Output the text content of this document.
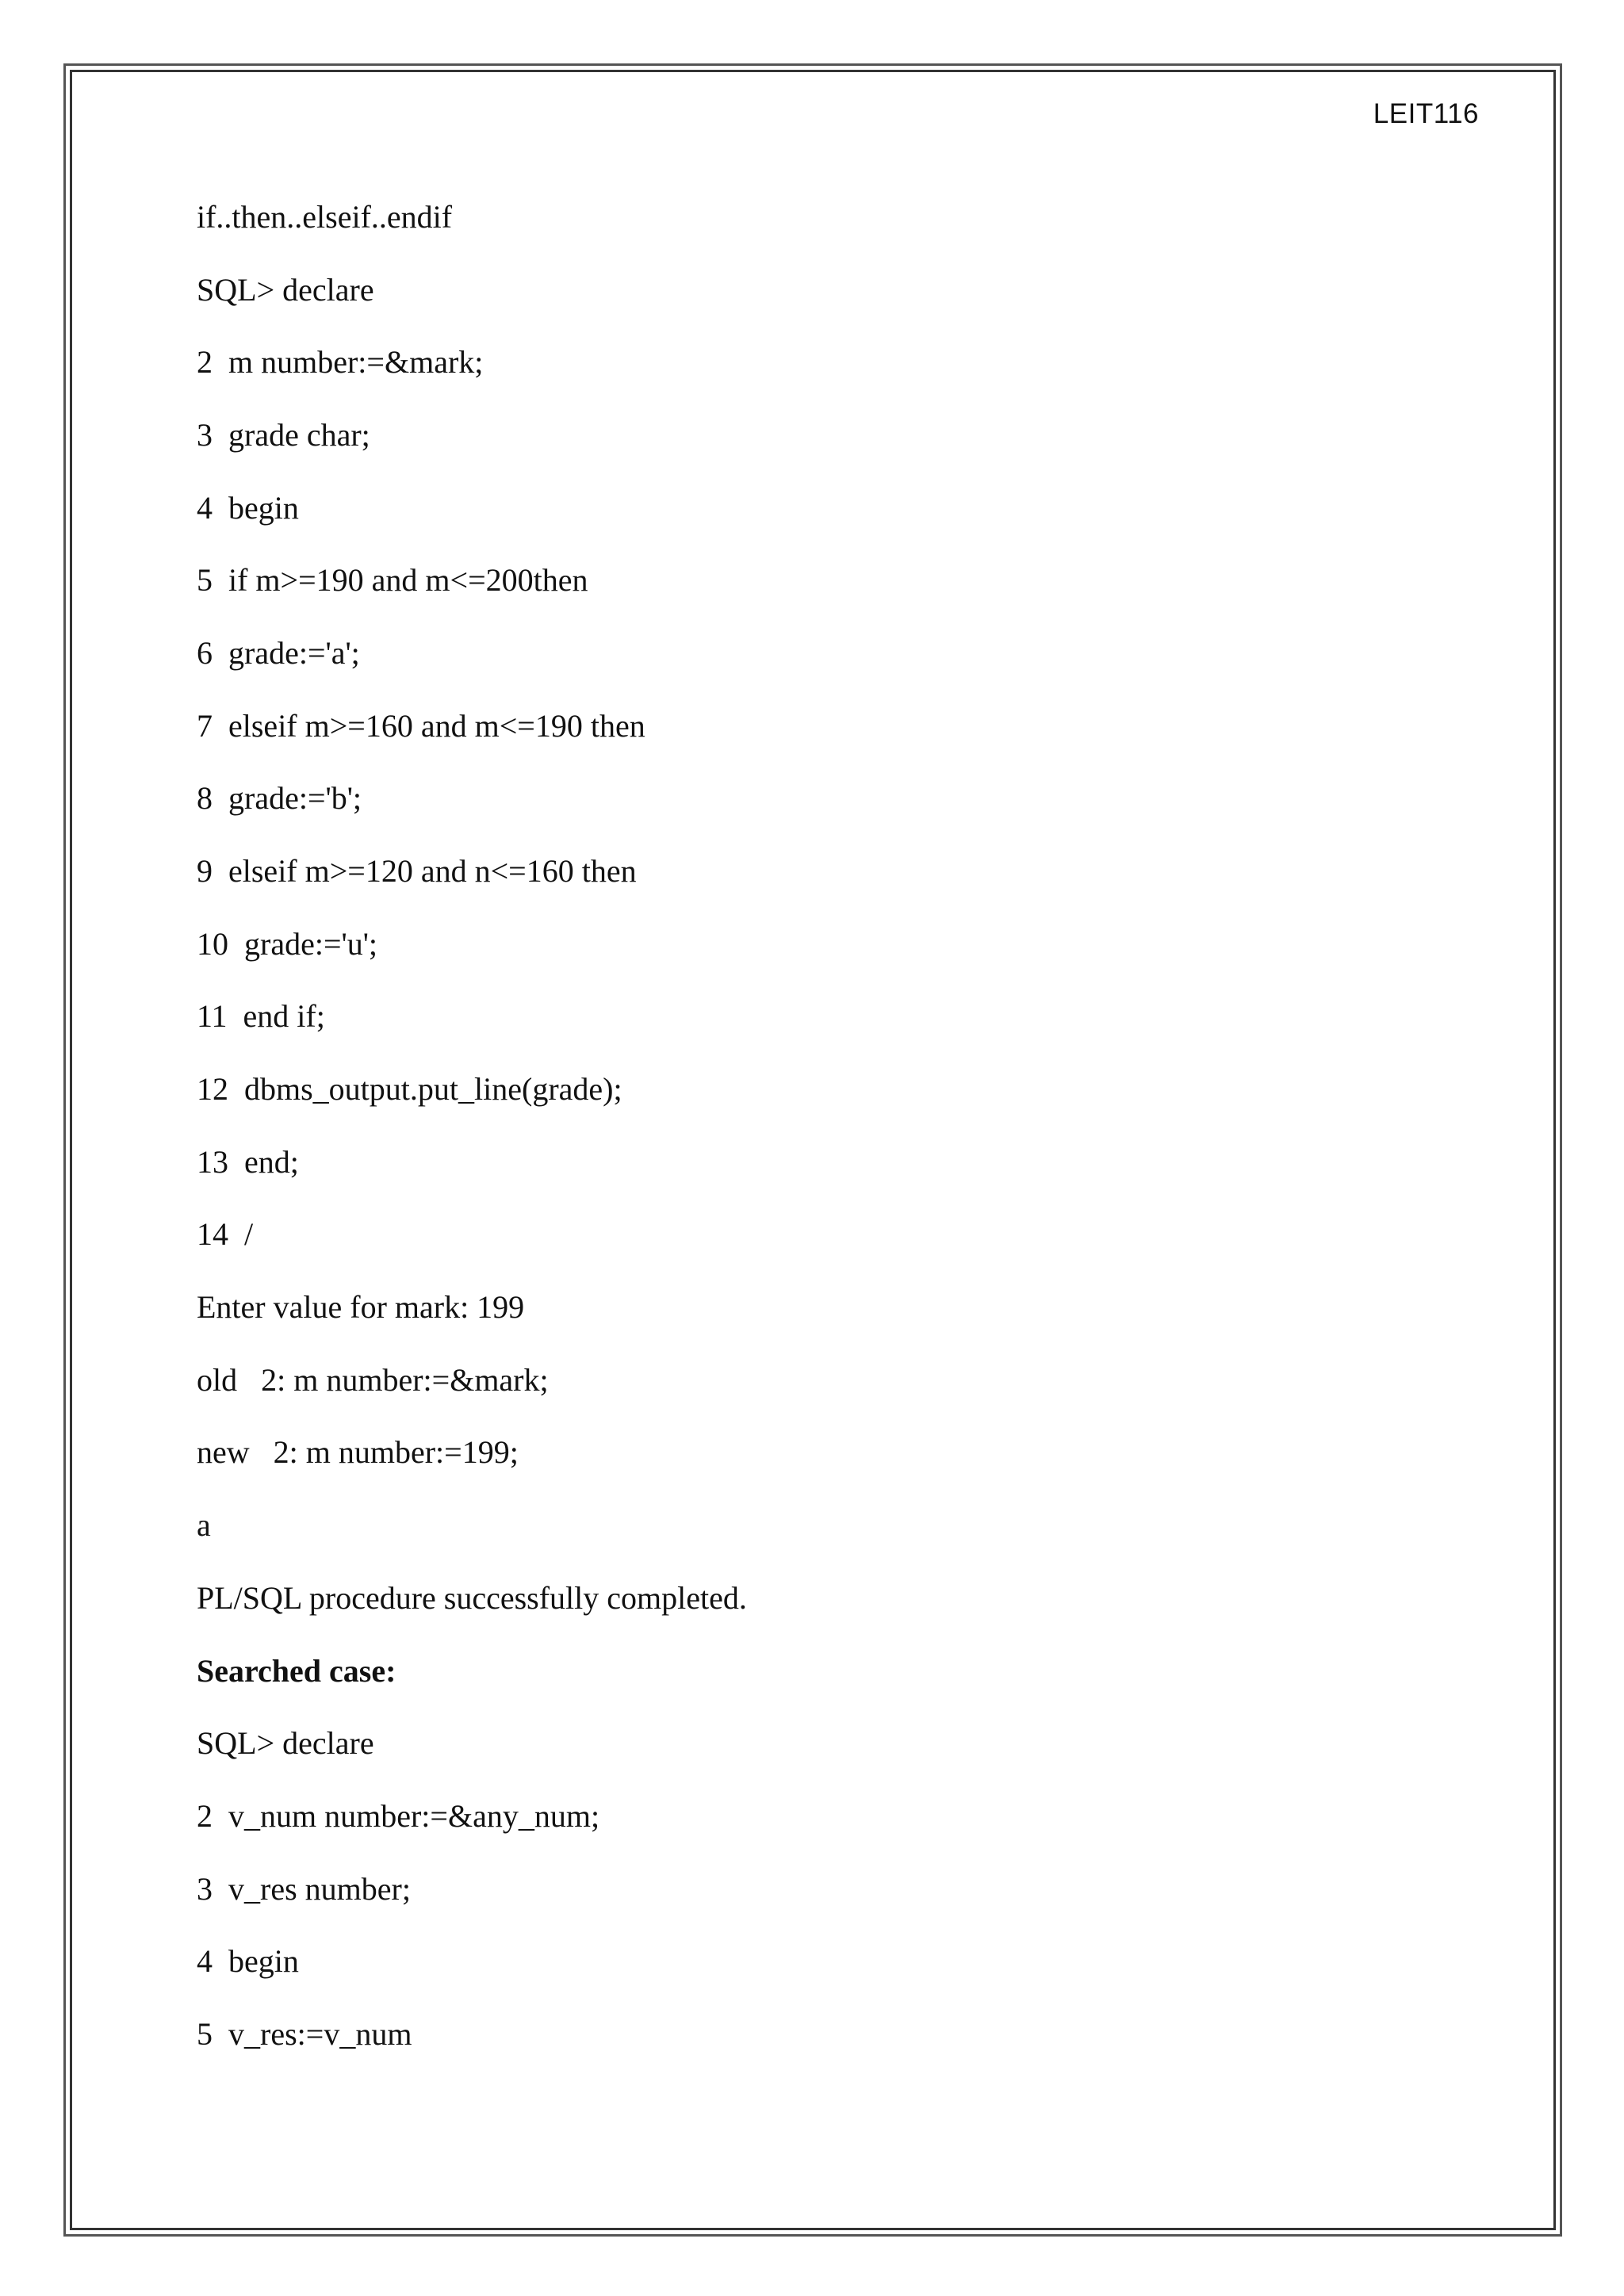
LEIT116
if..then..elseif..endif
SQL> declare
2  m number:=&mark;
3  grade char;
4  begin
5  if m>=190 and m<=200then
6  grade:='a';
7  elseif m>=160 and m<=190 then
8  grade:='b';
9  elseif m>=120 and n<=160 then
10  grade:='u';
11  end if;
12  dbms_output.put_line(grade);
13  end;
14  /
Enter value for mark: 199
old   2: m number:=&mark;
new   2: m number:=199;
a
PL/SQL procedure successfully completed.
Searched case:
SQL> declare
2  v_num number:=&any_num;
3  v_res number;
4  begin
5  v_res:=v_num
